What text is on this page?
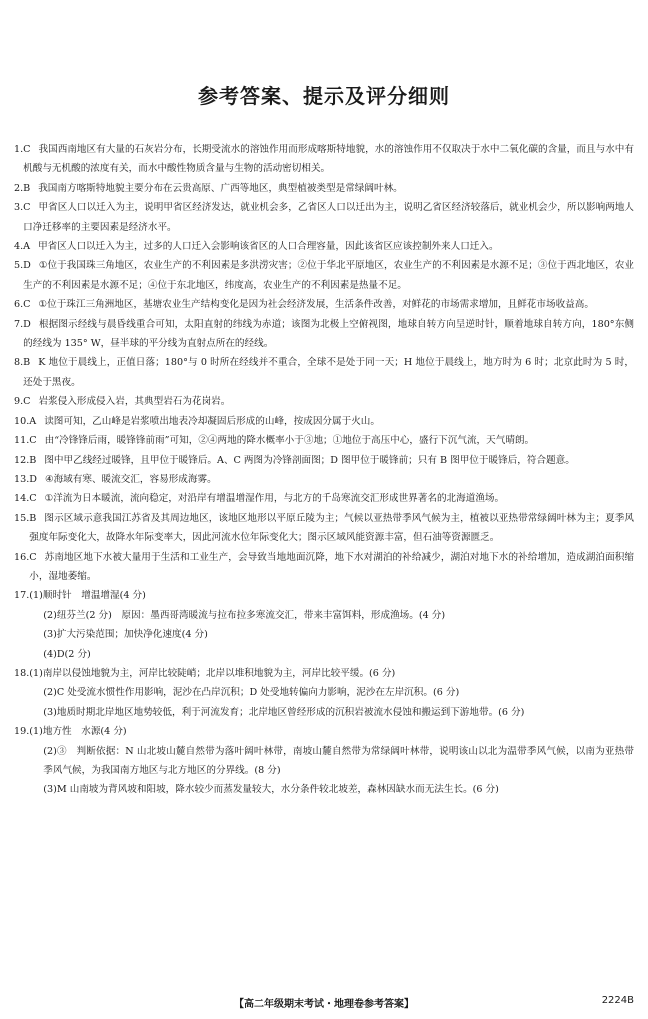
参考答案、提示及评分细则
1. C 我国西南地区有大量的石灰岩分布，长期受流水的溶蚀作用而形成喀斯特地貌，水的溶蚀作用不仅取决于水中二氧化碳的含量，而且与水中有机酸与无机酸的浓度有关，而水中酸性物质含量与生物的活动密切相关。
2. B 我国南方喀斯特地貌主要分布在云贵高原、广西等地区，典型植被类型是常绿阔叶林。
3. C 甲省区人口以迁入为主，说明甲省区经济发达，就业机会多，乙省区人口以迁出为主，说明乙省区经济较落后，就业机会少，所以影响两地人口净迁移率的主要因素是经济水平。
4. A 甲省区人口以迁入为主，过多的人口迁入会影响该省区的人口合理容量，因此该省区应该控制外来人口迁入。
5. D ①位于我国珠三角地区，农业生产的不利因素是多洪涝灾害；②位于华北平原地区，农业生产的不利因素是水源不足；③位于西北地区，农业生产的不利因素是水源不足；④位于东北地区，纬度高，农业生产的不利因素是热量不足。
6. C ①位于珠江三角洲地区，基塘农业生产结构变化是因为社会经济发展，生活条件改善，对鲜花的市场需求增加，且鲜花市场收益高。
7. D 根据图示经线与晨昏线重合可知，太阳直射的纬线为赤道；该图为北极上空俯视图，地球自转方向呈逆时针，顺着地球自转方向，180°东侧的经线为 135° W，昼半球的平分线为直射点所在的经线。
8. B K 地位于晨线上，正值日落；180°与 0 时所在经线并不重合，全球不是处于同一天；H 地位于晨线上，地方时为 6 时；北京此时为 5 时，还处于黑夜。
9. C 岩浆侵入形成侵入岩，其典型岩石为花岗岩。
10. A 读图可知，乙山峰是岩浆喷出地表冷却凝固后形成的山峰，按成因分属于火山。
11. C 由“冷锋锋后雨，暖锋锋前雨”可知，②④两地的降水概率小于③地；①地位于高压中心，盛行下沉气流，天气晴朗。
12. B 图中甲乙线经过暖锋，且甲位于暖锋后。A、C 两图为冷锋剖面图；D 图甲位于暖锋前；只有 B 图甲位于暖锋后，符合题意。
13. D ④海域有寒、暖流交汇，容易形成海雾。
14. C ①洋流为日本暖流，流向稳定，对沿岸有增温增湿作用，与北方的千岛寒流交汇形成世界著名的北海道渔场。
15. B 图示区域示意我国江苏省及其周边地区，该地区地形以平原丘陵为主；气候以亚热带季风气候为主，植被以亚热带常绿阔叶林为主；夏季风强度年际变化大，故降水年际变率大，因此河流水位年际变化大；图示区域风能资源丰富，但石油等资源匮乏。
16. C 苏南地区地下水被大量用于生活和工业生产，会导致当地地面沉降，地下水对湖泊的补给减少，湖泊对地下水的补给增加，造成湖泊面积缩小，湿地萎缩。
17. (1)顺时针　增温增湿(4 分)
(2)纽芬兰(2 分)　原因：墨西哥湾暖流与拉布拉多寒流交汇，带来丰富饵料，形成渔场。(4 分)
(3)扩大污染范围；加快净化速度(4 分)
(4)D(2 分)
18. (1)南岸以侵蚀地貌为主，河岸比较陡峭；北岸以堆积地貌为主，河岸比较平缓。(6 分)
(2)C 处受流水惯性作用影响，泥沙在凸岸沉积；D 处受地转偏向力影响，泥沙在左岸沉积。(6 分)
(3)地质时期北岸地区地势较低，利于河流发育；北岸地区曾经形成的沉积岩被流水侵蚀和搬运到下游地带。(6 分)
19. (1)地方性　水源(4 分)
(2)③　判断依据：N 山北坡山麓自然带为落叶阔叶林带，南坡山麓自然带为常绿阔叶林带，说明该山以北为温带季风气候，以南为亚热带季风气候，为我国南方地区与北方地区的分界线。(8 分)
(3)M 山南坡为背风坡和阳坡，降水较少而蒸发量较大，水分条件较北坡差，森林因缺水而无法生长。(6 分)
【高二年级期末考试・地理卷参考答案】	2224B
